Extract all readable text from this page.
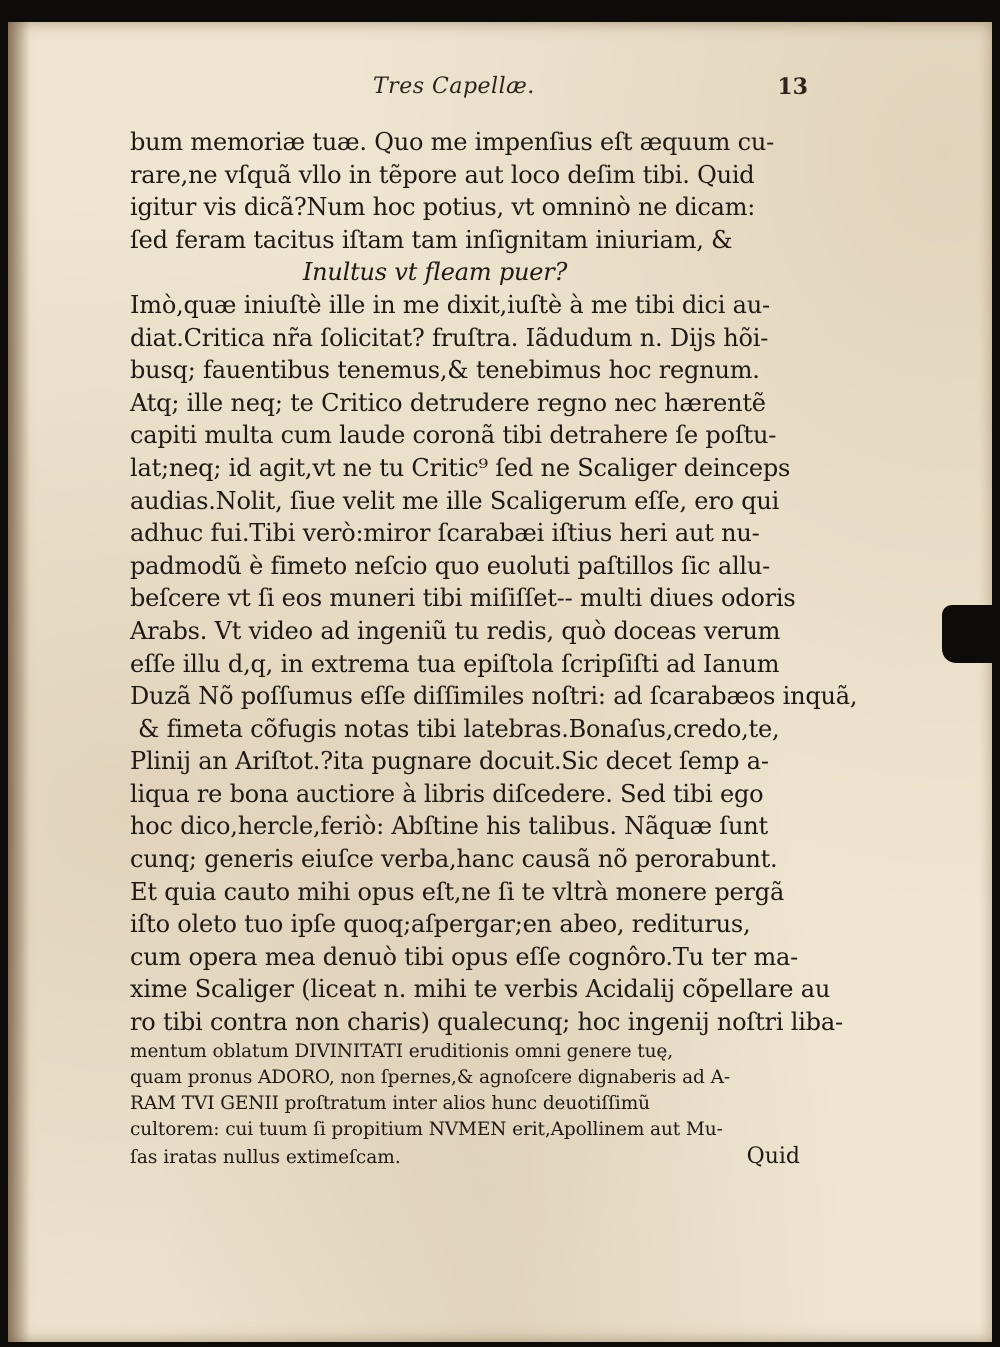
Tres Capellæ.	13
bum memoriæ tuæ. Quo me impenſius eſt æquum cu-
rare,ne vſquã vllo in tẽpore aut loco deſim tibi. Quid
igitur vis dicã?Num hoc potius, vt omninò ne dicam:
ſed feram tacitus iſtam tam inſignitam iniuriam, &
Inultus vt fleam puer?
Imò,quæ iniuſtè ille in me dixit,iuſtè à me tibi dici au-
diat.Critica nr̃a ſolicitat? fruſtra. Iãdudum n. Dijs hõi-
busq; fauentibus tenemus,& tenebimus hoc regnum.
Atq; ille neq; te Critico detrudere regno nec hærentẽ
capiti multa cum laude coronã tibi detrahere ſe poſtu-
lat;neq; id agit,vt ne tu Critic⁹ ſed ne Scaliger deinceps
audias.Nolit, ſiue velit me ille Scaligerum eſſe, ero qui
adhuc fui.Tibi verò:miror ſcarabæi iſtius heri aut nu-
padmodũ è fimeto neſcio quo euoluti paſtillos ſic allu-
beſcere vt ſi eos muneri tibi miſiſſet-- multi diues odoris
Arabs. Vt video ad ingeniũ tu redis, quò doceas verum
eſſe illu d,q, in extrema tua epiſtola ſcripſiſti ad Ianum
Duzã Nõ poſſumus eſſe diſſimiles noſtri: ad ſcarabæos inquã,
& fimeta cõfugis notas tibi latebras.Bonaſus,credo,te,
Plinij an Ariſtot.?ita pugnare docuit.Sic decet ſemp a-
liqua re bona auctiore à libris diſcedere. Sed tibi ego
hoc dico,hercle,feriò: Abſtine his talibus. Nãquæ ſunt
cunq; generis eiuſce verba,hanc causã nõ perorabunt.
Et quia cauto mihi opus eſt,ne ſi te vltrà monere pergã
iſto oleto tuo ipſe quoq;aſpergar;en abeo, rediturus,
cum opera mea denuò tibi opus eſſe cognôro.Tu ter ma-
xime Scaliger (liceat n. mihi te verbis Acidalij cõpellare au
ro tibi contra non charis) qualecunq; hoc ingenij noſtri liba-
mentum oblatum DIVINITATI eruditionis omni genere tuę,
quam pronus ADORO, non ſpernes,& agnoſcere dignaberis ad A-
RAM TVI GENII proſtratum inter alios hunc deuotiſſimũ
cultorem: cui tuum ſi propitium NVMEN erit,Apollinem aut Mu-
ſas iratas nullus extimeſcam.	Quid
